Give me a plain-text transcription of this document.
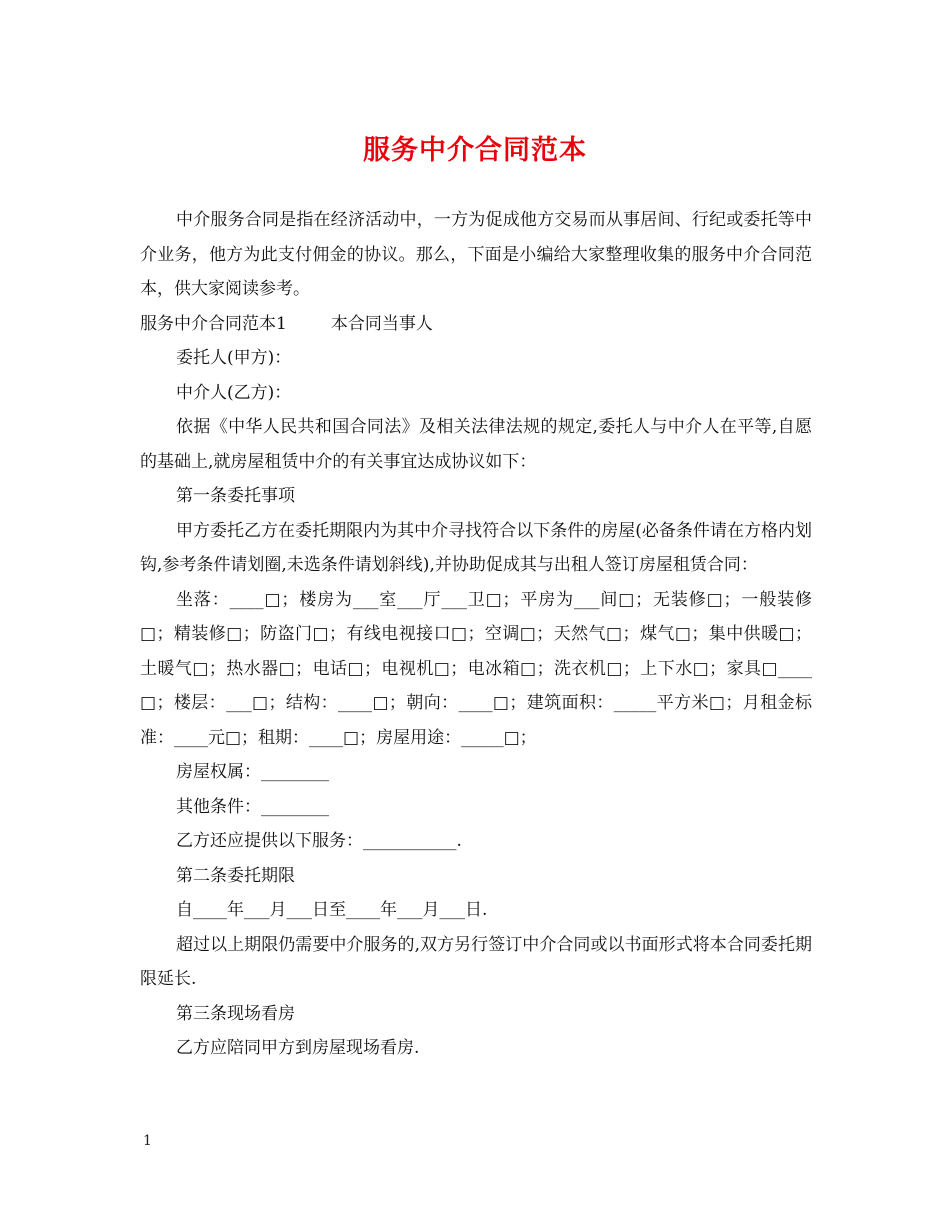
服务中介合同范本

中介服务合同是指在经济活动中，一方为促成他方交易而从事居间、行纪或委托等中介业务，他方为此支付佣金的协议。那么，下面是小编给大家整理收集的服务中介合同范本，供大家阅读参考。

服务中介合同范本1	本合同当事人

委托人(甲方)：

中介人(乙方)：

依据《中华人民共和国合同法》及相关法律法规的规定,委托人与中介人在平等,自愿的基础上,就房屋租赁中介的有关事宜达成协议如下：

第一条委托事项

甲方委托乙方在委托期限内为其中介寻找符合以下条件的房屋(必备条件请在方格内划钩,参考条件请划圈,未选条件请划斜线),并协助促成其与出租人签订房屋租赁合同：

坐落：____□；楼房为___室___厅___卫□；平房为___间□；无装修□；一般装修□；精装修□；防盗门□；有线电视接口□；空调□；天然气□；煤气□；集中供暖□；土暖气□；热水器□；电话□；电视机□；电冰箱□；洗衣机□；上下水□；家具□____□；楼层：___□；结构：____□；朝向：____□；建筑面积：_____平方米□；月租金标准：____元□；租期：____□；房屋用途：_____□；

房屋权属：________

其他条件：________

乙方还应提供以下服务：___________.

第二条委托期限

自____年___月___日至____年___月___日.

超过以上期限仍需要中介服务的,双方另行签订中介合同或以书面形式将本合同委托期限延长.

第三条现场看房

乙方应陪同甲方到房屋现场看房.

1
